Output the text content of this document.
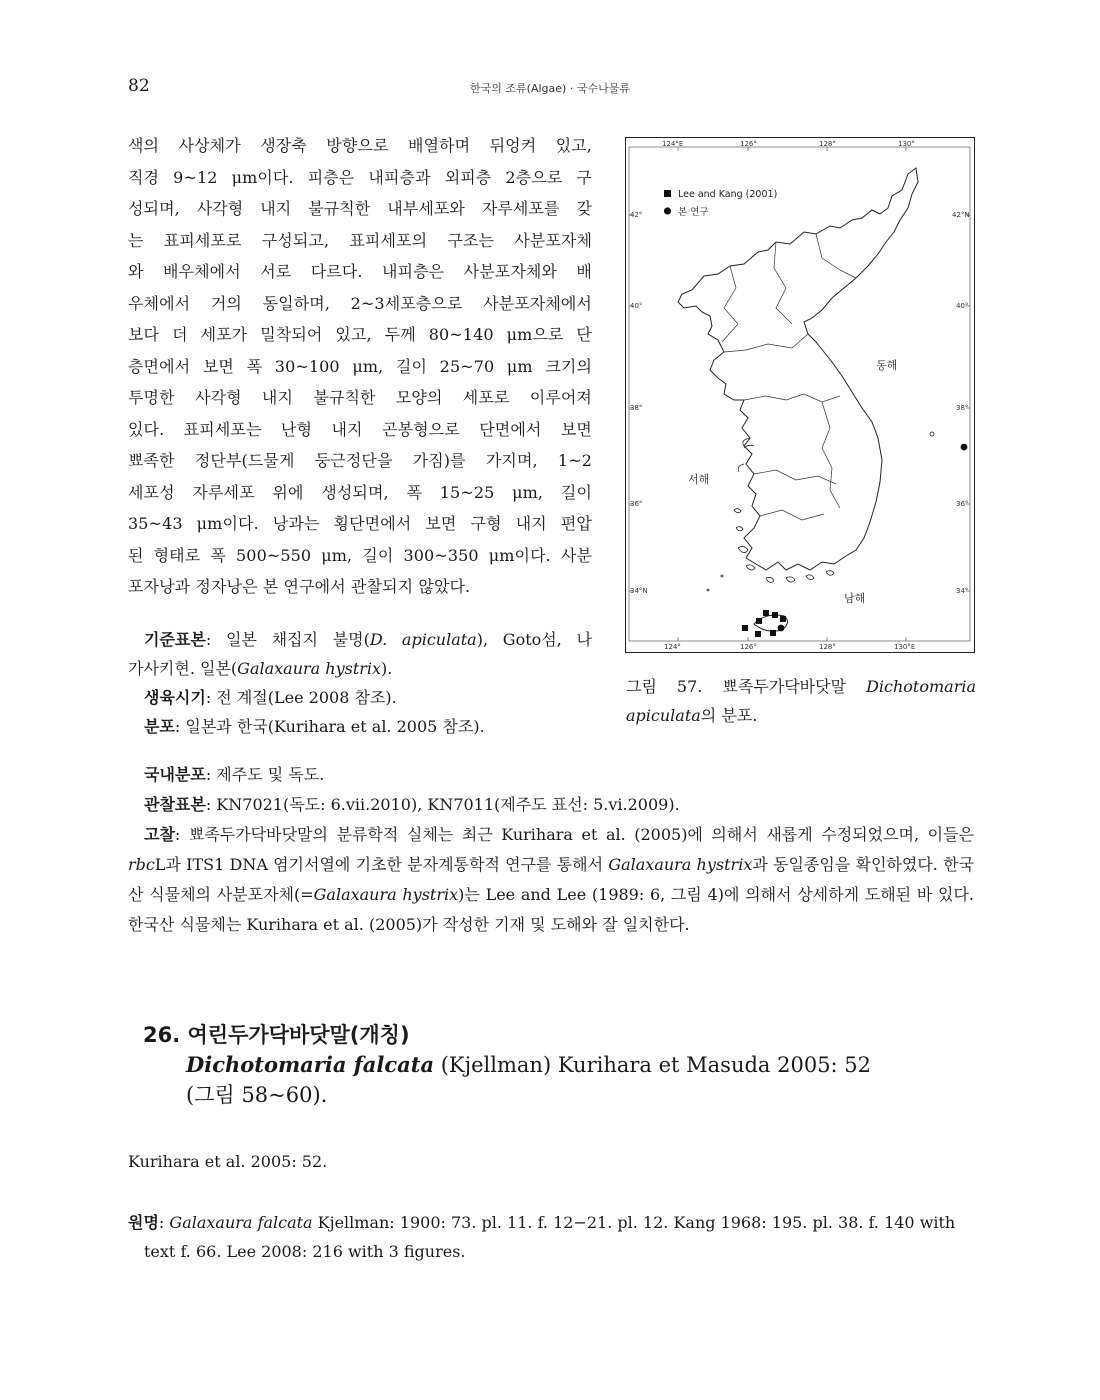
82	한국의 조류(Algae) · 국수나물류

색의 사상체가 생장축 방향으로 배열하며 뒤엉켜 있고,

직경 9~12 μm이다. 피층은 내피층과 외피층 2층으로 구

성되며, 사각형 내지 불규칙한 내부세포와 자루세포를 갖

는 표피세포로 구성되고, 표피세포의 구조는 사분포자체

와 배우체에서 서로 다르다. 내피층은 사분포자체와 배

우체에서 거의 동일하며, 2~3세포층으로 사분포자체에서

보다 더 세포가 밀착되어 있고, 두께 80~140 μm으로 단

층면에서 보면 폭 30~100 μm, 길이 25~70 μm 크기의

투명한 사각형 내지 불규칙한 모양의 세포로 이루어져

있다. 표피세포는 난형 내지 곤봉형으로 단면에서 보면

뾰족한 정단부(드물게 둥근정단을 가짐)를 가지며, 1~2

세포성 자루세포 위에 생성되며, 폭 15~25 μm, 길이

35~43 μm이다. 낭과는 횡단면에서 보면 구형 내지 편압

된 형태로 폭 500~550 μm, 길이 300~350 μm이다. 사분

포자낭과 정자낭은 본 연구에서 관찰되지 않았다.

기준표본: 일본 채집지 불명(D. apiculata), Goto섬, 나
가사키현. 일본(Galaxaura hystrix).
생육시기: 전 계절(Lee 2008 참조).
분포: 일본과 한국(Kurihara et al. 2005 참조).
124°E	126°	128°	130°
124°	126°	128°	130°E
42°
40°
38°
36°
34°N
42°N
40°
38°
36°
34°
Lee and Kang (2001)
본 연구
동해
서해
남해
그림 57. 뾰족두가닥바닷말 Dichotomaria
apiculata의 분포.
국내분포: 제주도 및 독도.
관찰표본: KN7021(독도: 6.vii.2010), KN7011(제주도 표선: 5.vi.2009).

고찰: 뾰족두가닥바닷말의 분류학적 실체는 최근 Kurihara et al. (2005)에 의해서 새롭게 수정되었으며, 이들은 rbcL과 ITS1 DNA 염기서열에 기초한 분자계통학적 연구를 통해서 Galaxaura hystrix과 동일종임을 확인하였다. 한국산 식물체의 사분포자체(=Galaxaura hystrix)는 Lee and Lee (1989: 6, 그림 4)에 의해서 상세하게 도해된 바 있다. 한국산 식물체는 Kurihara et al. (2005)가 작성한 기재 및 도해와 잘 일치한다.

26. 여린두가닥바닷말(개칭)
Dichotomaria falcata (Kjellman) Kurihara et Masuda 2005: 52
(그림 58~60).
Kurihara et al. 2005: 52.
원명: Galaxaura falcata Kjellman: 1900: 73. pl. 11. f. 12−21. pl. 12. Kang 1968: 195. pl. 38. f. 140 with
text f. 66. Lee 2008: 216 with 3 figures.
